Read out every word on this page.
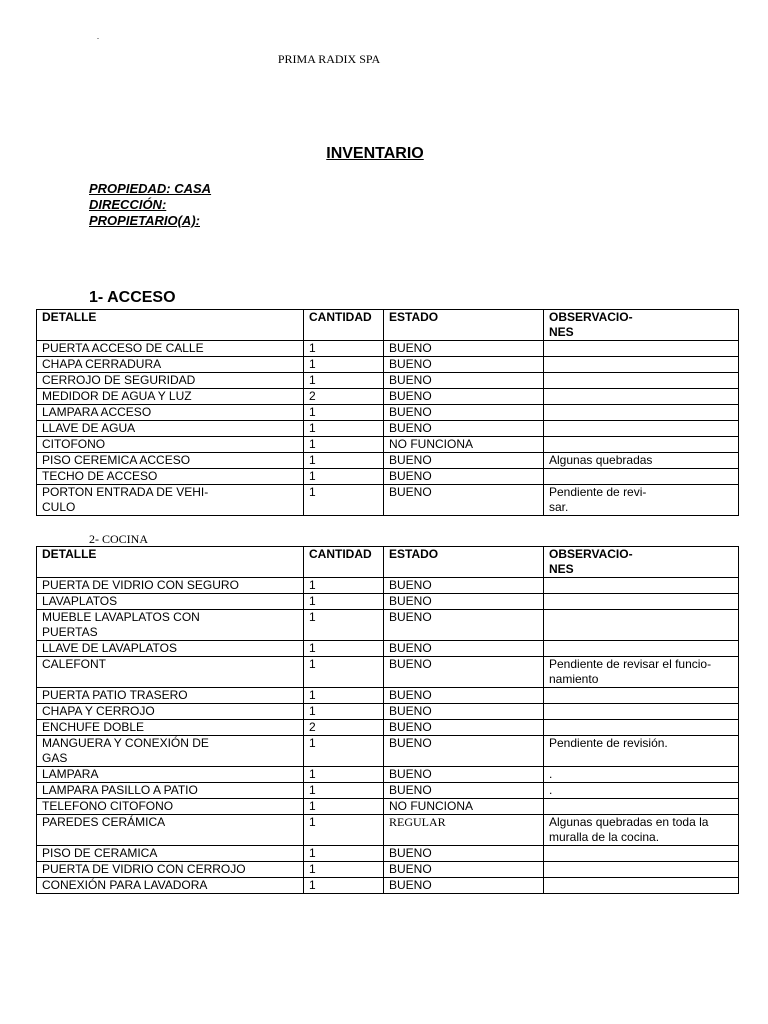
.
PRIMA RADIX SPA
INVENTARIO
PROPIEDAD: CASA
DIRECCIÓN:
PROPIETARIO(A):
1- ACCESO
DETALLE	CANTIDAD	ESTADO	OBSERVACIO-
NES
PUERTA ACCESO DE CALLE	1	BUENO	
CHAPA CERRADURA	1	BUENO	
CERROJO DE SEGURIDAD	1	BUENO	
MEDIDOR DE AGUA Y LUZ	2	BUENO	
LAMPARA ACCESO	1	BUENO	
LLAVE DE AGUA	1	BUENO	
CITOFONO	1	NO FUNCIONA	
PISO CEREMICA ACCESO	1	BUENO	Algunas quebradas
TECHO DE ACCESO	1	BUENO	
PORTON ENTRADA DE VEHI-
CULO	1	BUENO	Pendiente de revi-
sar.
2- COCINA
DETALLE	CANTIDAD	ESTADO	OBSERVACIO-
NES
PUERTA DE VIDRIO CON SEGURO	1	BUENO	
LAVAPLATOS	1	BUENO	
MUEBLE LAVAPLATOS CON
PUERTAS	1	BUENO	
LLAVE DE LAVAPLATOS	1	BUENO	
CALEFONT	1	BUENO	Pendiente de revisar el funcio-
namiento
PUERTA PATIO TRASERO	1	BUENO	
CHAPA Y CERROJO	1	BUENO	
ENCHUFE DOBLE	2	BUENO	
MANGUERA Y CONEXIÓN DE
GAS	1	BUENO	Pendiente de revisión.
LAMPARA	1	BUENO	.
LAMPARA PASILLO A PATIO	1	BUENO	.
TELEFONO CITOFONO	1	NO FUNCIONA	
PAREDES CERÁMICA	1	REGULAR	Algunas quebradas en toda la
muralla de la cocina.
PISO DE CERAMICA	1	BUENO	
PUERTA DE VIDRIO CON CERROJO	1	BUENO	
CONEXIÓN PARA LAVADORA	1	BUENO	
